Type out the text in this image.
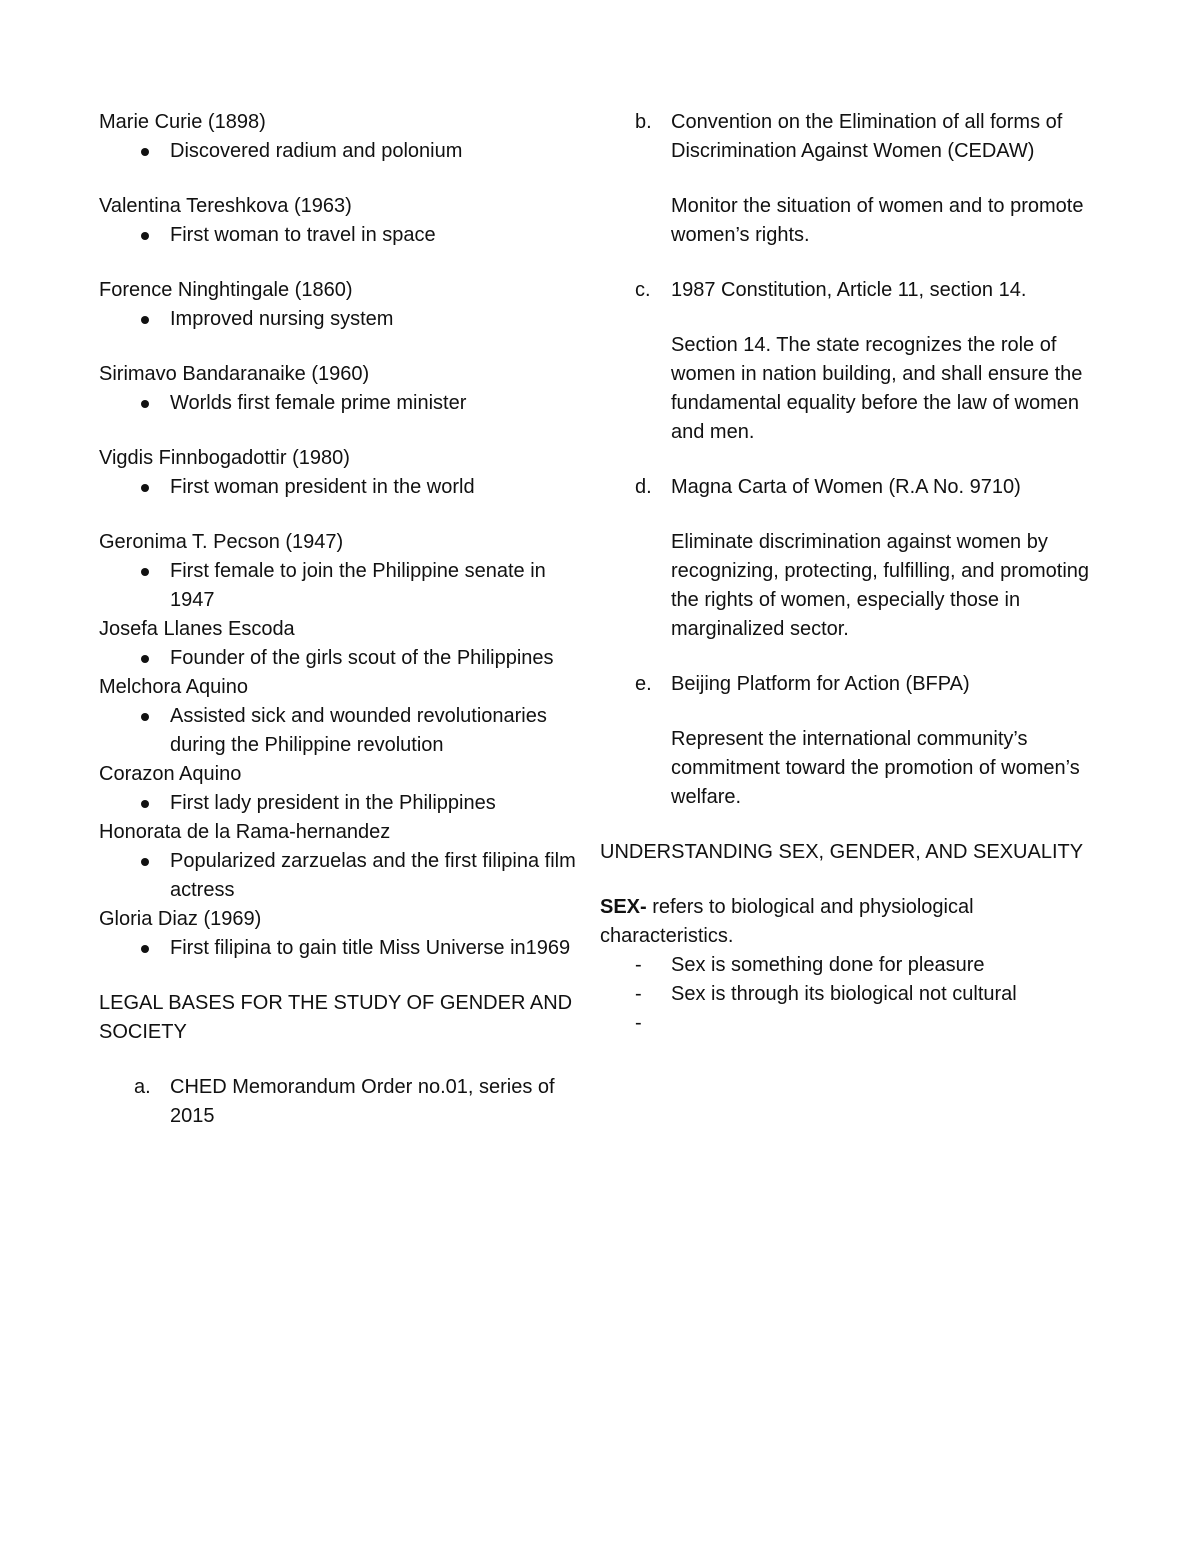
Marie Curie (1898)
Discovered radium and polonium
Valentina Tereshkova (1963)
First woman to travel in space
Forence Ninghtingale (1860)
Improved nursing system
Sirimavo Bandaranaike (1960)
Worlds first female prime minister
Vigdis Finnbogadottir (1980)
First woman president in the world
Geronima T. Pecson (1947)
First female to join the Philippine senate in 1947
Josefa Llanes Escoda
Founder of the girls scout of the Philippines
Melchora Aquino
Assisted sick and wounded revolutionaries during the Philippine revolution
Corazon Aquino
First lady president in the Philippines
Honorata de la Rama-hernandez
Popularized zarzuelas and the first filipina film actress
Gloria Diaz (1969)
First filipina to gain title Miss Universe in1969
LEGAL BASES FOR THE STUDY OF GENDER AND SOCIETY
a. CHED Memorandum Order no.01, series of 2015
b. Convention on the Elimination of all forms of Discrimination Against Women (CEDAW)
Monitor the situation of women and to promote women’s rights.
c. 1987 Constitution, Article 11, section 14.
Section 14. The state recognizes the role of women in nation building, and shall ensure the fundamental equality before the law of women and men.
d. Magna Carta of Women (R.A No. 9710)
Eliminate discrimination against women by recognizing, protecting, fulfilling, and promoting the rights of women, especially those in marginalized sector.
e. Beijing Platform for Action (BFPA)
Represent the international community’s commitment toward the promotion of women’s welfare.
UNDERSTANDING SEX, GENDER, AND SEXUALITY
SEX- refers to biological and physiological characteristics.
- Sex is something done for pleasure
- Sex is through its biological not cultural
-
